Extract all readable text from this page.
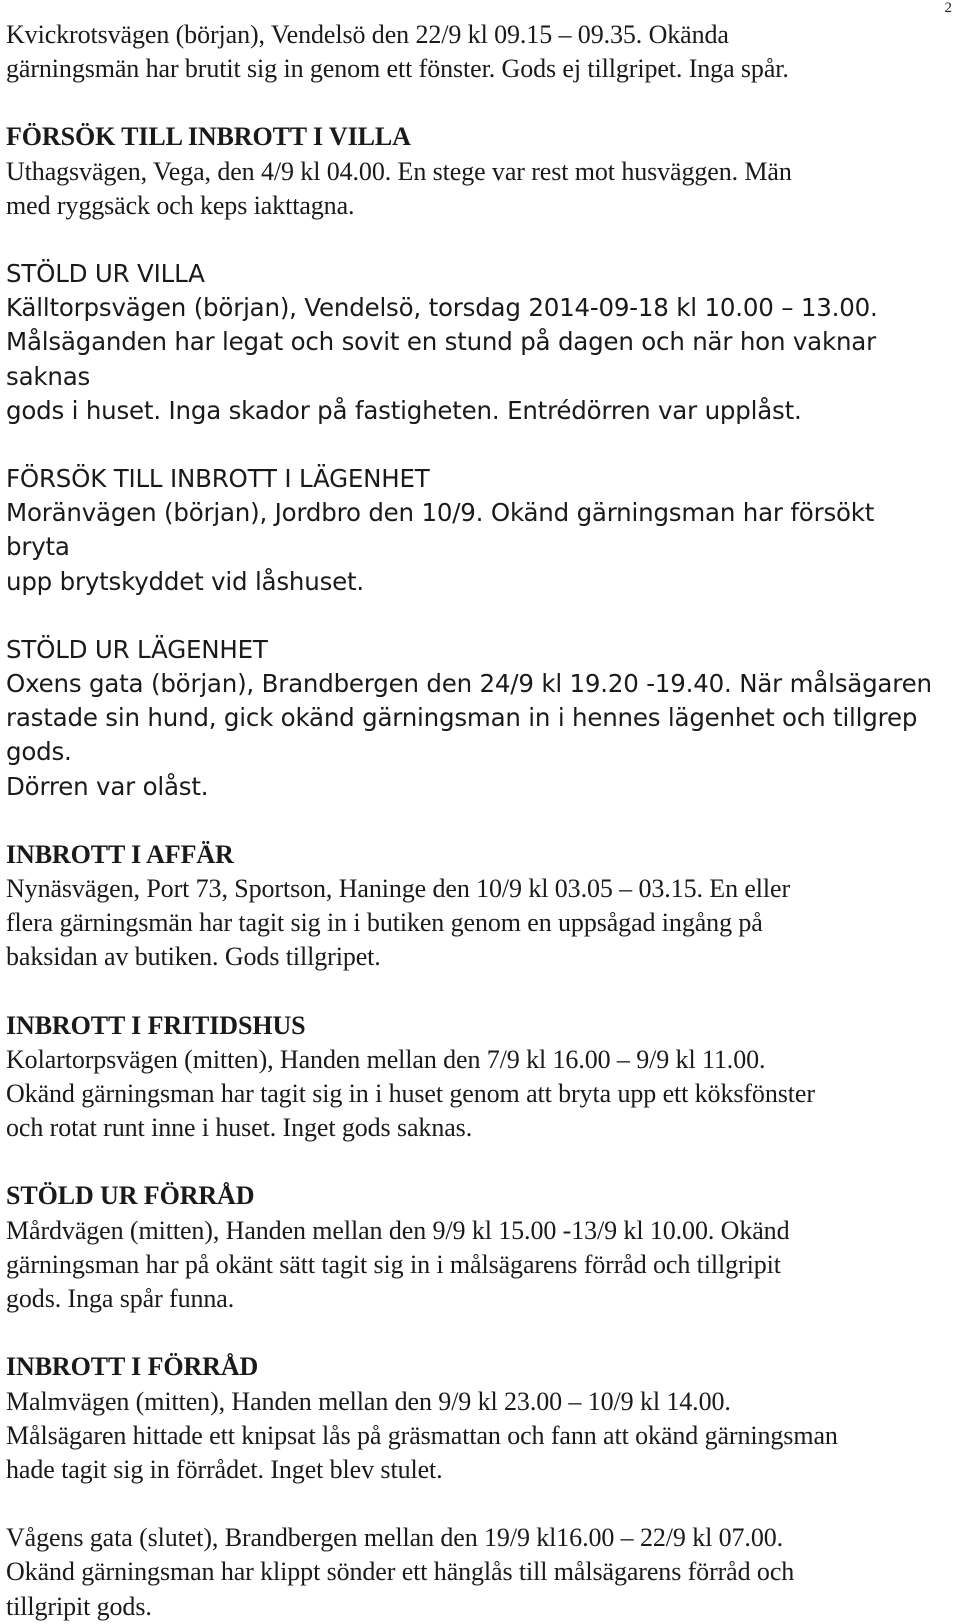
2

Kvickrotsvägen (början), Vendelsö den 22/9 kl 09.15 – 09.35. Okända

gärningsmän har brutit sig in genom ett fönster. Gods ej tillgripet. Inga spår.

FÖRSÖK TILL INBROTT I VILLA

Uthagsvägen, Vega, den 4/9 kl 04.00. En stege var rest mot husväggen. Män

med ryggsäck och keps iakttagna.

STÖLD UR VILLA

Källtorpsvägen (början), Vendelsö, torsdag 2014-09-18 kl 10.00 – 13.00.

Målsäganden har legat och sovit en stund på dagen och när hon vaknar saknas

gods i huset. Inga skador på fastigheten. Entrédörren var upplåst.

FÖRSÖK TILL INBROTT I LÄGENHET

Moränvägen (början), Jordbro den 10/9. Okänd gärningsman har försökt bryta

upp brytskyddet vid låshuset.

STÖLD UR LÄGENHET

Oxens gata (början), Brandbergen den 24/9 kl 19.20 -19.40. När målsägaren

rastade sin hund, gick okänd gärningsman in i hennes lägenhet och tillgrep gods.

Dörren var olåst.

INBROTT I AFFÄR

Nynäsvägen, Port 73, Sportson, Haninge den 10/9 kl 03.05 – 03.15. En eller

flera gärningsmän har tagit sig in i butiken genom en uppsågad ingång på

baksidan av butiken. Gods tillgripet.

INBROTT I FRITIDSHUS

Kolartorpsvägen (mitten), Handen mellan den 7/9 kl 16.00 – 9/9 kl 11.00.

Okänd gärningsman har tagit sig in i huset genom att bryta upp ett köksfönster

och rotat runt inne i huset. Inget gods saknas.

STÖLD UR FÖRRÅD

Mårdvägen (mitten), Handen mellan den 9/9 kl 15.00 -13/9 kl 10.00. Okänd

gärningsman har på okänt sätt tagit sig in i målsägarens förråd och tillgripit

gods. Inga spår funna.

INBROTT I FÖRRÅD

Malmvägen (mitten), Handen mellan den 9/9 kl 23.00 – 10/9 kl 14.00.

Målsägaren hittade ett knipsat lås på gräsmattan och fann att okänd gärningsman

hade tagit sig in förrådet. Inget blev stulet.

Vågens gata (slutet), Brandbergen mellan den 19/9 kl16.00 – 22/9 kl 07.00.

Okänd gärningsman har klippt sönder ett hänglås till målsägarens förråd och

tillgripit gods.
